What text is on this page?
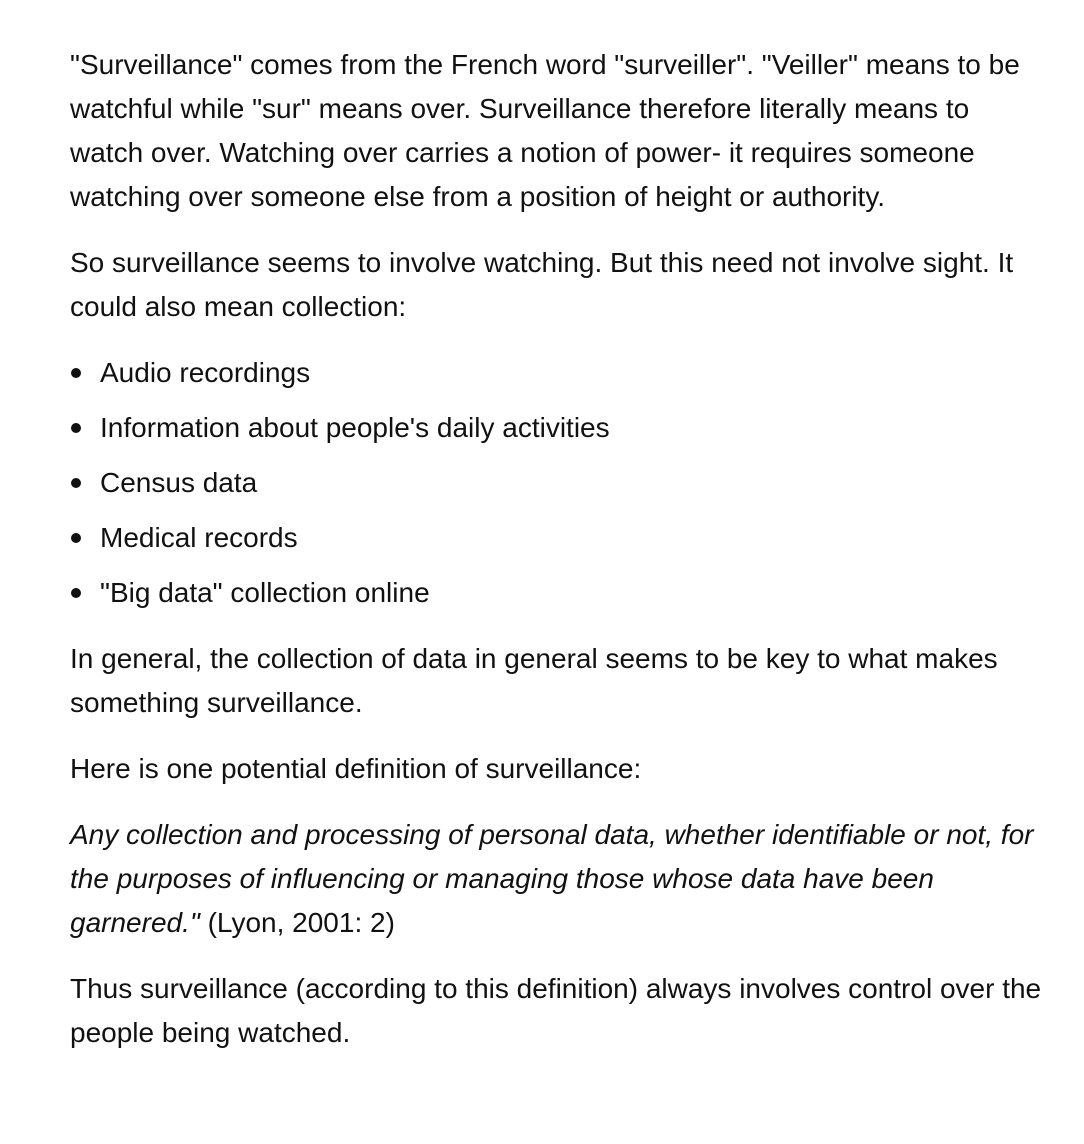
"Surveillance" comes from the French word "surveiller". "Veiller" means to be watchful while "sur" means over. Surveillance therefore literally means to watch over. Watching over carries a notion of power- it requires someone watching over someone else from a position of height or authority.

So surveillance seems to involve watching. But this need not involve sight. It could also mean collection:

Audio recordings
Information about people's daily activities
Census data
Medical records
"Big data" collection online

In general, the collection of data in general seems to be key to what makes something surveillance.

Here is one potential definition of surveillance:

Any collection and processing of personal data, whether identifiable or not, for the purposes of influencing or managing those whose data have been garnered." (Lyon, 2001: 2)

Thus surveillance (according to this definition) always involves control over the people being watched.
